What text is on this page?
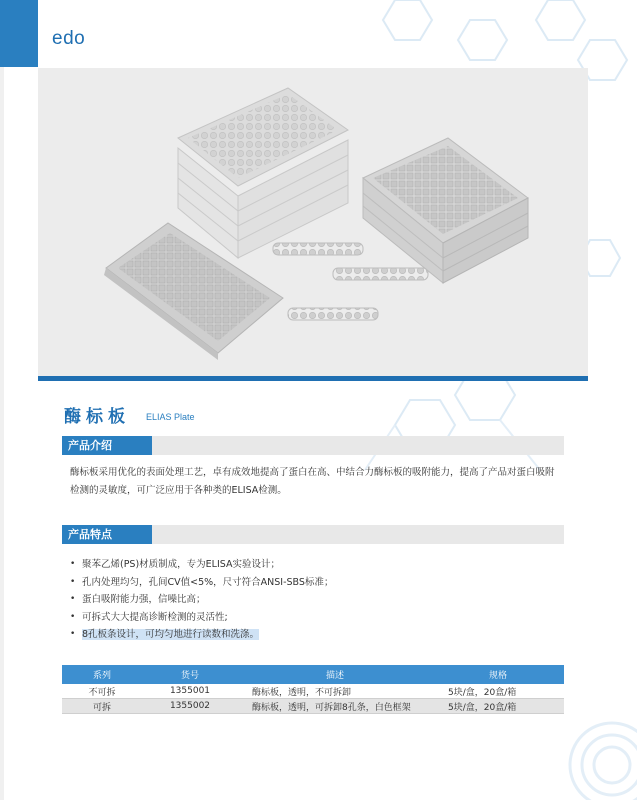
edo
酶标板 ELIAS Plate
产品介绍

酶标板采用优化的表面处理工艺，卓有成效地提高了蛋白在高、中结合力酶标板的吸附能力，提高了产品对蛋白吸附检测的灵敏度，可广泛应用于各种类的ELISA检测。

产品特点
• 聚苯乙烯(PS)材质制成，专为ELISA实验设计；
• 孔内处理均匀，孔间CV值<5%，尺寸符合ANSI-SBS标准；
• 蛋白吸附能力强，信噪比高；
• 可拆式大大提高诊断检测的灵活性;
• 8孔板条设计，可均匀地进行读数和洗涤。
系列	货号	描述	规格
不可拆	1355001	酶标板，透明，不可拆卸	5块/盒，20盒/箱
可拆	1355002	酶标板，透明，可拆卸8孔条，白色框架	5块/盒，20盒/箱
